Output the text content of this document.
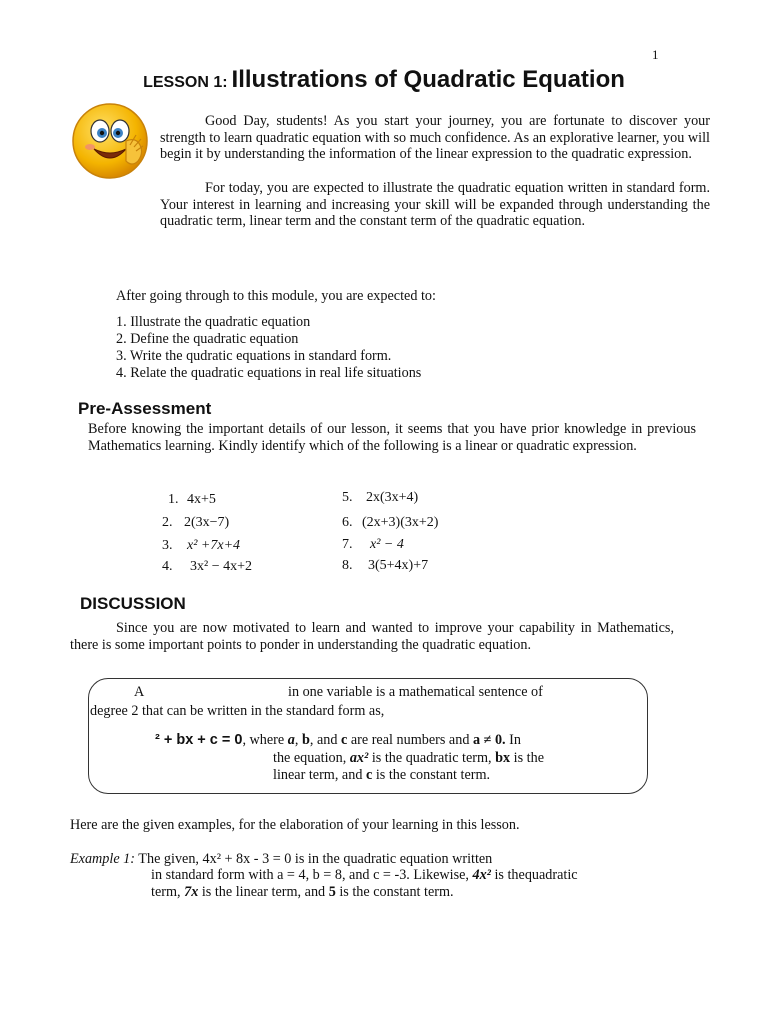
1
LESSON 1: Illustrations of Quadratic Equation
Good Day, students! As you start your journey, you are fortunate to discover your strength to learn quadratic equation with so much confidence. As an explorative learner, you will begin it by understanding the information of the linear expression to the quadratic expression.
For today, you are expected to illustrate the quadratic equation written in standard form. Your interest in learning and increasing your skill will be expanded through understanding the quadratic term, linear term and the constant term of the quadratic equation.
After going through to this module, you are expected to:
1. Illustrate the quadratic equation
2. Define the quadratic equation
3. Write the qudratic equations in standard form.
4. Relate the quadratic equations in real life situations
Pre-Assessment
Before knowing the important details of our lesson, it seems that you have prior knowledge in previous Mathematics learning. Kindly identify which of the following is a linear or quadratic expression.
1. 4x+5
2. 2(3x−7)
3. x² +7x+4
4. 3x² − 4x+2
5. 2x(3x+4)
6. (2x+3)(3x+2)
7. x² − 4
8. 3(5+4x)+7
DISCUSSION
Since you are now motivated to learn and wanted to improve your capability in Mathematics, there is some important points to ponder in understanding the quadratic equation.
A	in one variable is a mathematical sentence of
degree 2 that can be written in the standard form as,
² + bx + c = 0, where a, b, and c are real numbers and a ≠ 0. In
the equation, ax² is the quadratic term, bx is the
linear term, and c is the constant term.
Here are the given examples, for the elaboration of your learning in this lesson.
Example 1: The given, 4x² + 8x - 3 = 0 is in the quadratic equation written
in standard form with a = 4, b = 8, and c = -3. Likewise, 4x² is thequadratic
term, 7x is the linear term, and 5 is the constant term.
